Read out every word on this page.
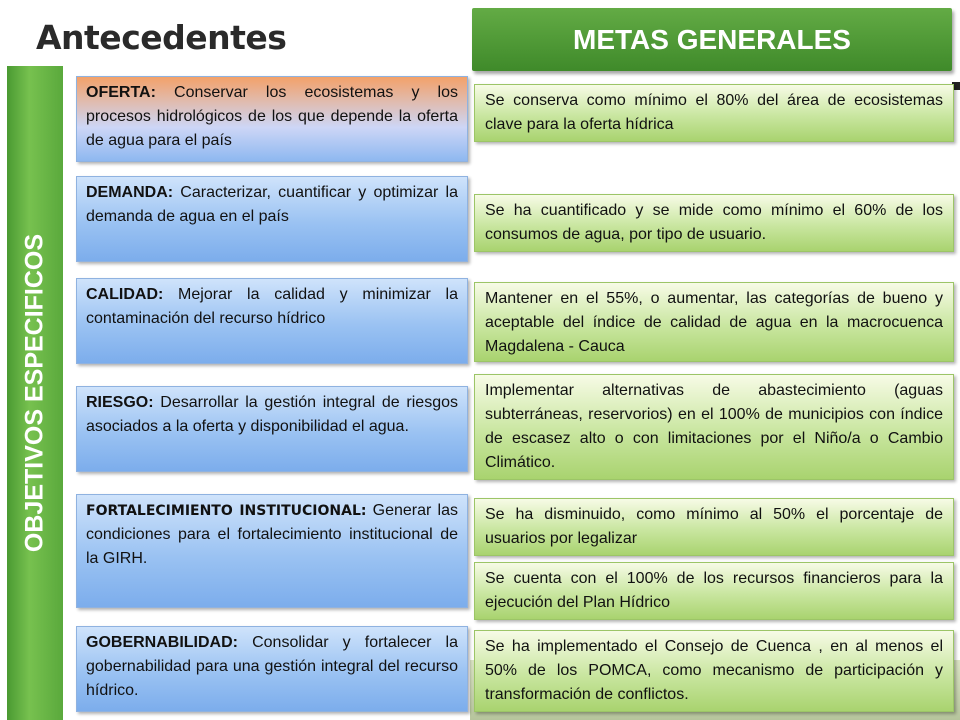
Antecedentes	METAS GENERALES
OBJETIVOS ESPECIFICOS
OFERTA: Conservar los ecosistemas y los procesos hidrológicos de los que depende la oferta de agua para el país
DEMANDA: Caracterizar, cuantificar y optimizar la demanda de agua en el país
CALIDAD: Mejorar la calidad y minimizar la contaminación del recurso hídrico
RIESGO: Desarrollar la gestión integral de riesgos asociados a la oferta y disponibilidad el agua.
FORTALECIMIENTO INSTITUCIONAL: Generar las condiciones para el fortalecimiento institucional de la GIRH.
GOBERNABILIDAD: Consolidar y fortalecer la gobernabilidad para una gestión integral del recurso hídrico.
Se conserva como mínimo el 80% del área de ecosistemas clave para la oferta hídrica
Se ha cuantificado y se mide como mínimo el 60% de los consumos de agua, por tipo de usuario.
Mantener en el 55%, o aumentar, las categorías de bueno y aceptable del índice de calidad de agua en la macrocuenca Magdalena - Cauca
Implementar alternativas de abastecimiento (aguas subterráneas, reservorios) en el 100% de municipios con índice de escasez alto o con limitaciones por el Niño/a o Cambio Climático.
Se ha disminuido, como mínimo al 50% el porcentaje de usuarios por legalizar
Se cuenta con el 100% de los recursos financieros para la ejecución del Plan Hídrico
Se ha implementado el Consejo de Cuenca , en al menos el 50% de los POMCA, como mecanismo de participación y transformación de conflictos.
